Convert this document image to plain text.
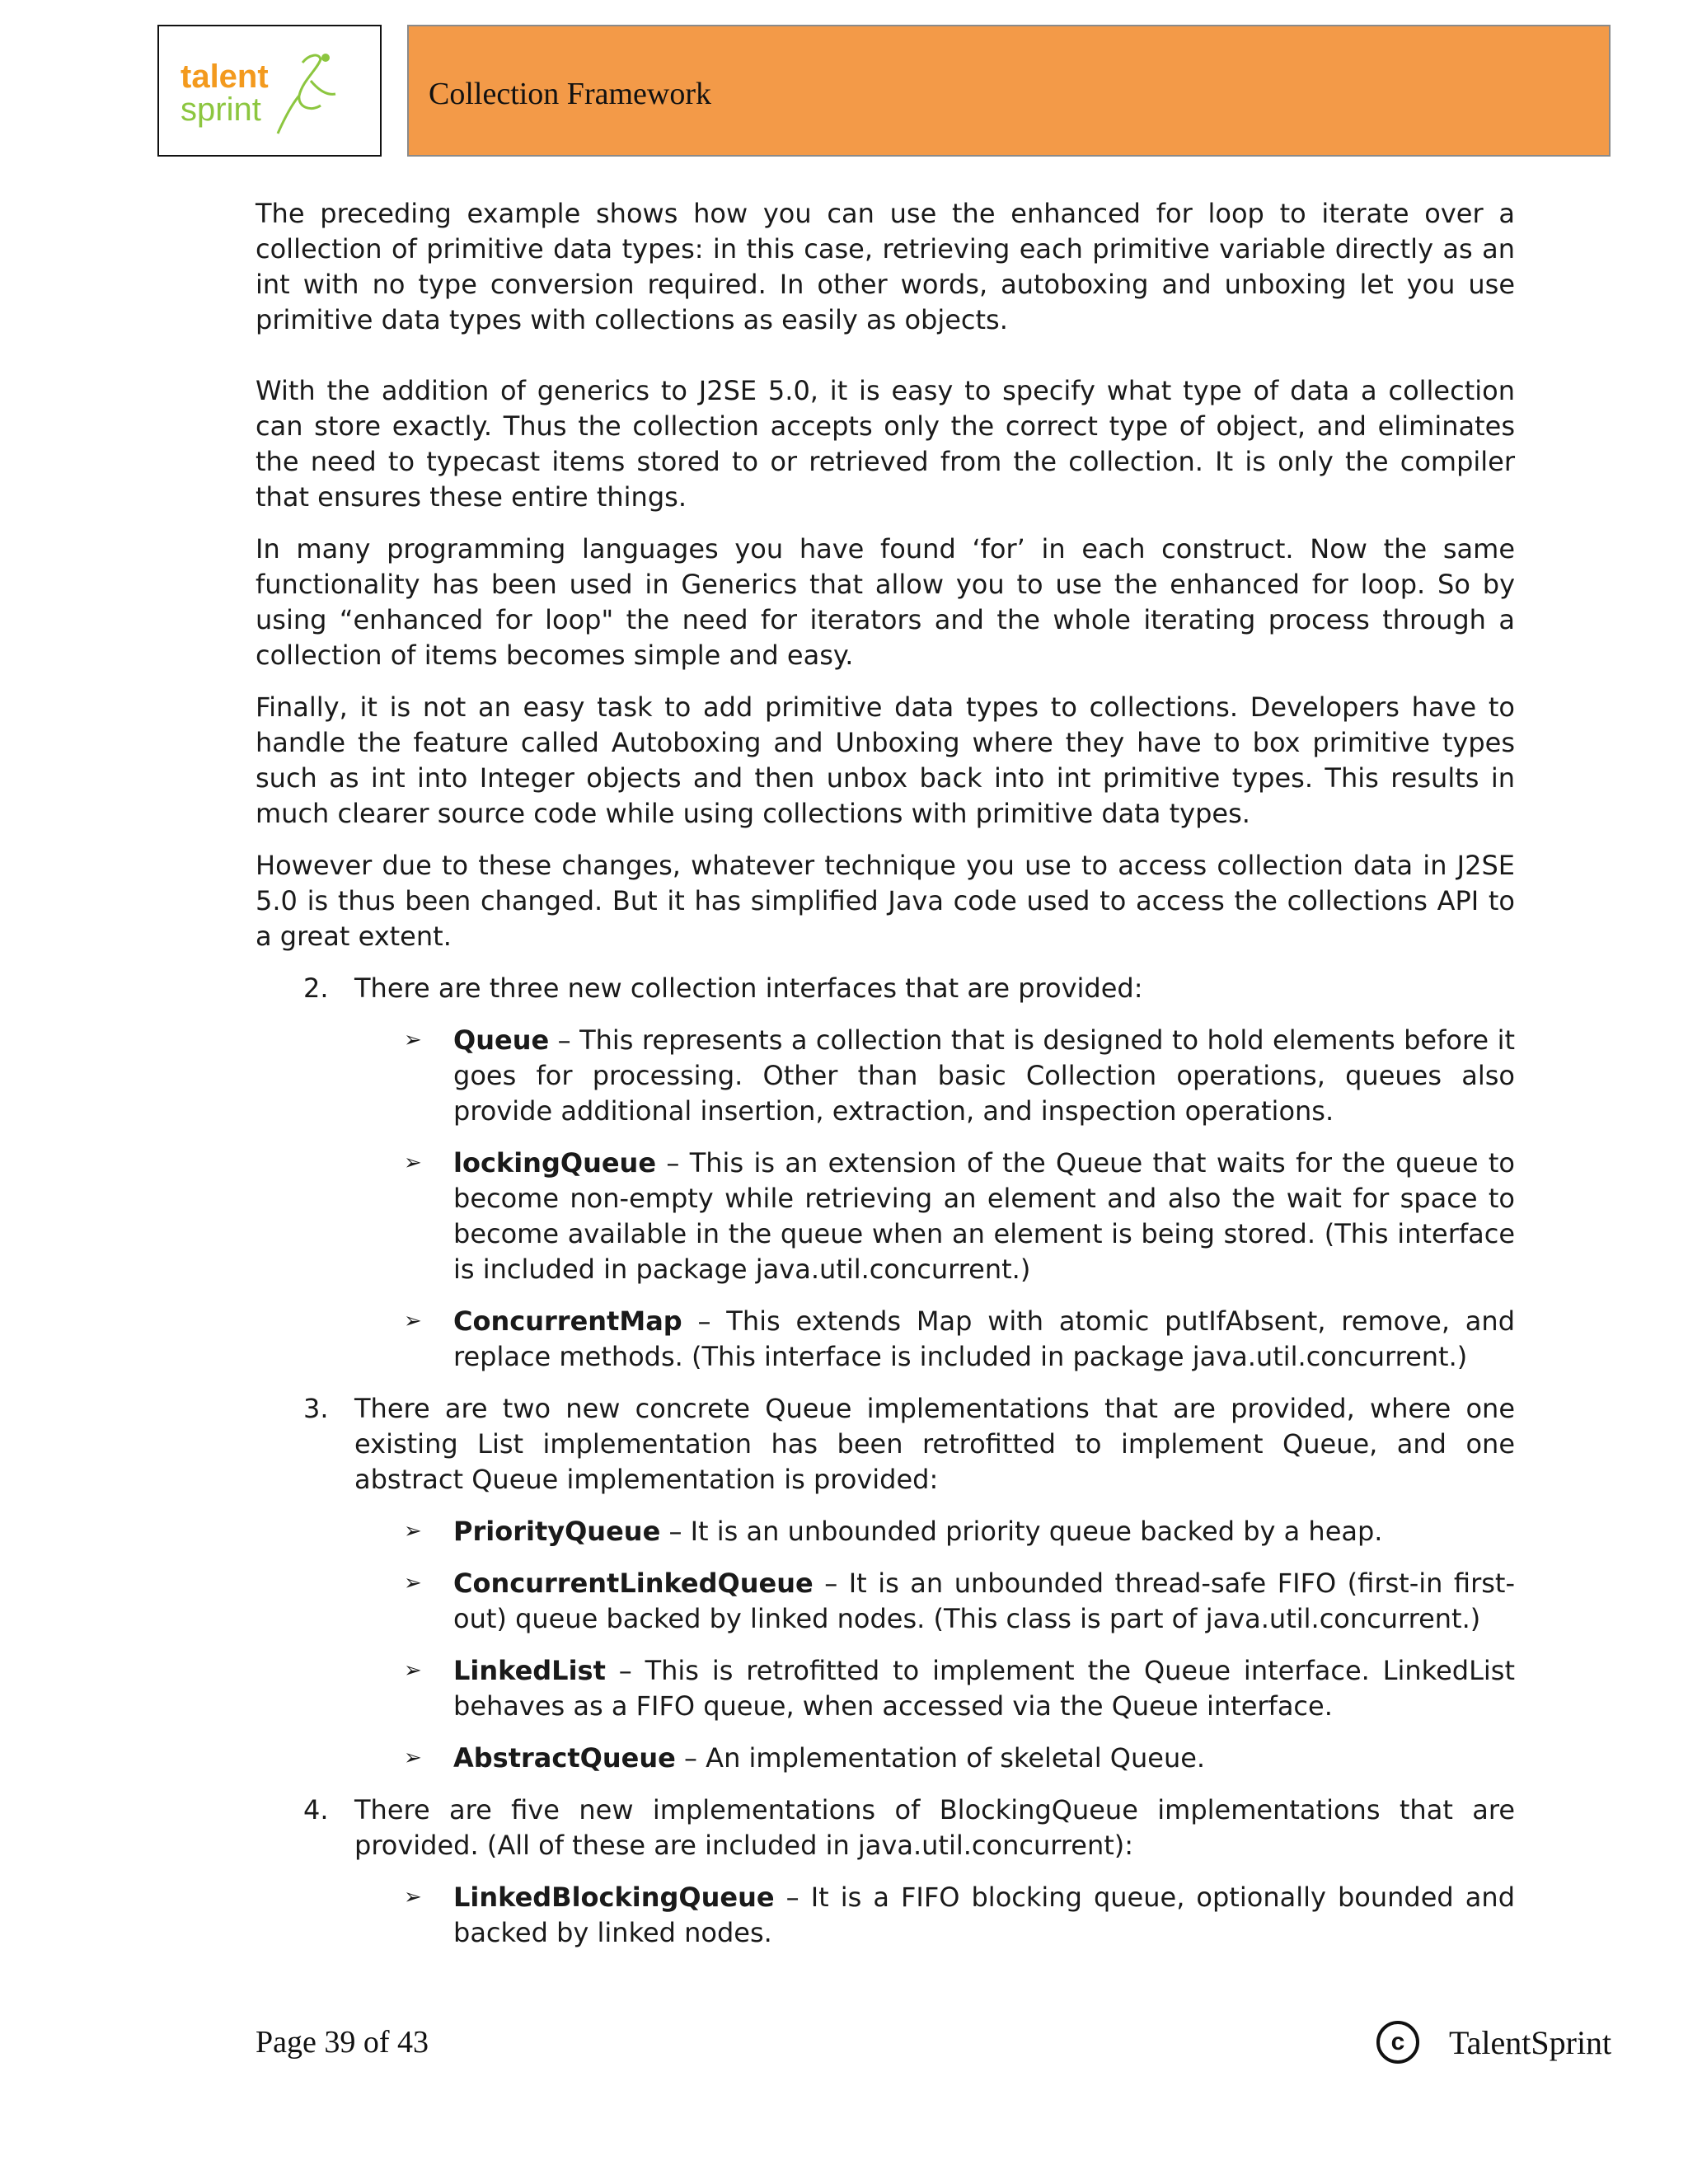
talent
sprint	Collection Framework

The preceding example shows how you can use the enhanced for loop to iterate over a collection of primitive data types: in this case, retrieving each primitive variable directly as an int with no type conversion required. In other words, autoboxing and unboxing let you use primitive data types with collections as easily as objects.

With the addition of generics to J2SE 5.0, it is easy to specify what type of data a collection can store exactly. Thus the collection accepts only the correct type of object, and eliminates the need to typecast items stored to or retrieved from the collection. It is only the compiler that ensures these entire things.

In many programming languages you have found ‘for’ in each construct. Now the same functionality has been used in Generics that allow you to use the enhanced for loop. So by using “enhanced for loop" the need for iterators and the whole iterating process through a collection of items becomes simple and easy.

Finally, it is not an easy task to add primitive data types to collections. Developers have to handle the feature called Autoboxing and Unboxing where they have to box primitive types such as int into Integer objects and then unbox back into int primitive types. This results in much clearer source code while using collections with primitive data types.

However due to these changes, whatever technique you use to access collection data in J2SE 5.0 is thus been changed. But it has simplified Java code used to access the collections API to a great extent.

2. There are three new collection interfaces that are provided:
➢ Queue – This represents a collection that is designed to hold elements before it goes for processing. Other than basic Collection operations, queues also provide additional insertion, extraction, and inspection operations.
➢ lockingQueue – This is an extension of the Queue that waits for the queue to become non-empty while retrieving an element and also the wait for space to become available in the queue when an element is being stored. (This interface is included in package java.util.concurrent.)
➢ ConcurrentMap – This extends Map with atomic putIfAbsent, remove, and replace methods. (This interface is included in package java.util.concurrent.)
3. There are two new concrete Queue implementations that are provided, where one existing List implementation has been retrofitted to implement Queue, and one abstract Queue implementation is provided:
➢ PriorityQueue – It is an unbounded priority queue backed by a heap.
➢ ConcurrentLinkedQueue – It is an unbounded thread-safe FIFO (first-in first-out) queue backed by linked nodes. (This class is part of java.util.concurrent.)
➢ LinkedList – This is retrofitted to implement the Queue interface. LinkedList behaves as a FIFO queue, when accessed via the Queue interface.
➢ AbstractQueue – An implementation of skeletal Queue.
4. There are five new implementations of BlockingQueue implementations that are provided. (All of these are included in java.util.concurrent):
➢ LinkedBlockingQueue – It is a FIFO blocking queue, optionally bounded and backed by linked nodes.
Page 39 of 43	c	TalentSprint
